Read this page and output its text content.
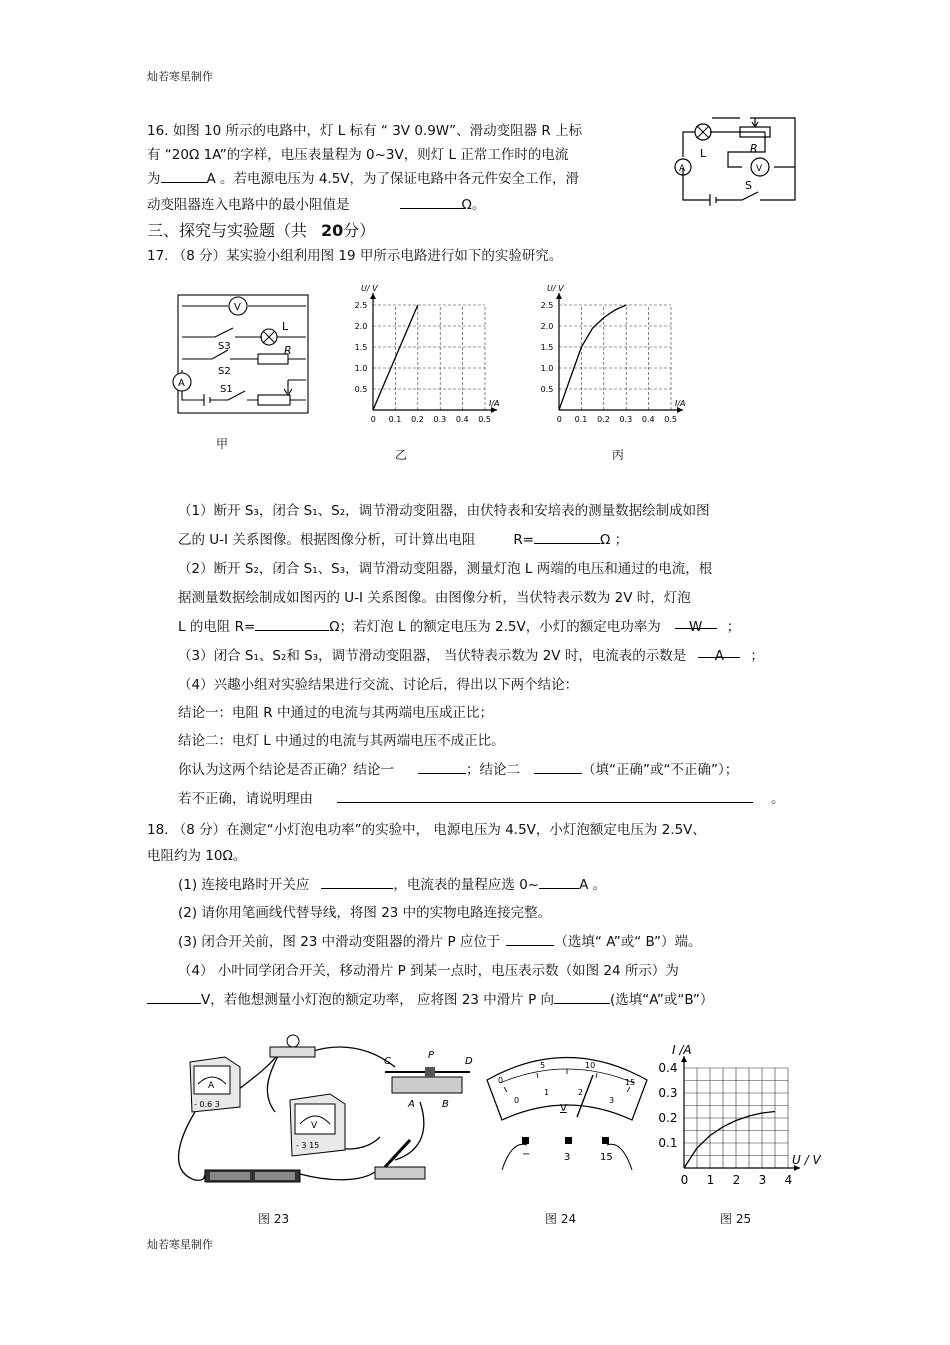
灿若寒星制作
灿若寒星制作
16. 如图 10 所示的电路中，灯 L 标有 “ 3V 0.9W”、滑动变阻器 R 上标
有 “20Ω 1A”的字样，电压表量程为 0~3V，则灯 L 正常工作时的电流
为	A 。若电源电压为 4.5V，为了保证电路中各元件安全工作，滑
动变阻器连入电路中的最小阻值是	Ω。
L	R
V
A
S
三、探究与实验题（共 20分）
17. （8 分）某实验小组利用图 19 甲所示电路进行如下的实验研究。
V
L
S3	R
S2
A
S1
甲
0 0.1 0.2 0.3 0.4 0.5
0.5
1.0
1.5
2.0
2.5
I/A
U/ V
乙
0 0.1 0.2 0.3 0.4 0.5
0.5
1.0
1.5
2.0
2.5
I/A
U/ V
丙
（1）断开 S₃，闭合 S₁、S₂，调节滑动变阻器，由伏特表和安培表的测量数据绘制成如图
乙的 U-I 关系图像。根据图像分析，可计算出电阻	R=	Ω ；
（2）断开 S₂，闭合 S₁、S₃，调节滑动变阻器，测量灯泡 L 两端的电压和通过的电流，根
据测量数据绘制成如图丙的 U-I 关系图像。由图像分析，当伏特表示数为 2V 时，灯泡
L 的电阻 R=	Ω；若灯泡 L 的额定电压为 2.5V，小灯的额定电功率为 W ；
（3）闭合 S₁、S₂和 S₃，调节滑动变阻器， 当伏特表示数为 2V 时，电流表的示数是 A ；
（4）兴趣小组对实验结果进行交流、讨论后，得出以下两个结论：
结论一：电阻 R 中通过的电流与其两端电压成正比；
结论二：电灯 L 中通过的电流与其两端电压不成正比。
你认为这两个结论是否正确？结论一	；结论二	（填“正确”或“不正确”）；
若不正确，请说明理由	。
18. （8 分）在测定“小灯泡电功率”的实验中， 电源电压为 4.5V，小灯泡额定电压为 2.5V、
电阻约为 10Ω。
(1) 连接电路时开关应	，电流表的量程应选 0~	A 。
(2) 请你用笔画线代替导线，将图 23 中的实物电路连接完整。
(3) 闭合开关前，图 23 中滑动变阻器的滑片 P 应位于	（选填“ A”或“ B”）端。
（4） 小叶同学闭合开关，移动滑片 P 到某一点时，电压表示数（如图 24 所示）为
V，若他想测量小灯泡的额定功率， 应将图 23 中滑片 P 向	(选填“A”或“B”）
A
- 0.6 3
V
- 3 15
C
P
D
A	B
图 23
0
5	10
15
0
1	2
3
V
−	3	15
图 24
0 1 2 3 4
0.1
0.2
0.3
0.4
U / V
I /A
图 25
